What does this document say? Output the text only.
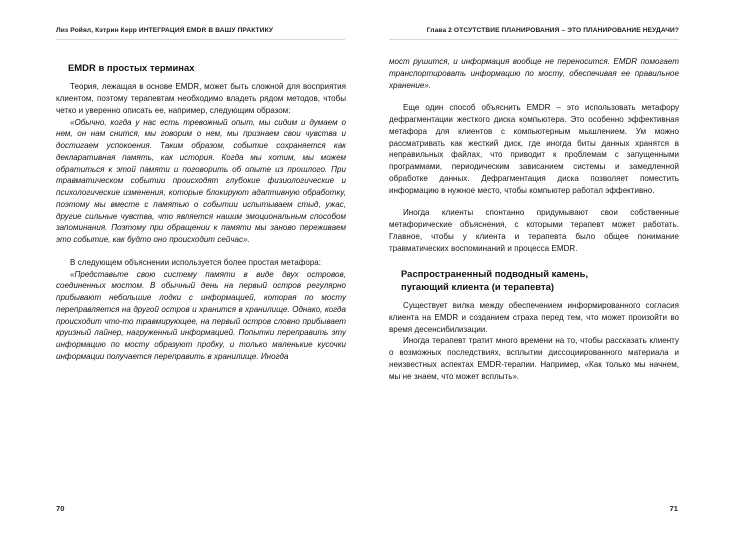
Лиз Ройял, Кэтрин Керр ИНТЕГРАЦИЯ EMDR В ВАШУ ПРАКТИКУ
EMDR в простых терминах

Теория, лежащая в основе EMDR, может быть сложной для восприятия клиентом, поэтому терапевтам необходимо владеть рядом методов, чтобы четко и уверенно описать ее, например, следующим образом:

«Обычно, когда у нас есть тревожный опыт, мы сидим и думаем о нем, он нам снится, мы говорим о нем, мы признаем свои чувства и достигаем успокоения. Таким образом, событие сохраняется как декларативная память, как история. Когда мы хотим, мы можем обратиться к этой памяти и поговорить об опыте из прошлого. При травматическом событии происходят глубокие физиологические и психологические изменения, которые блокируют адаптивную обработку, поэтому мы вместе с памятью о событии испытываем стыд, ужас, другие сильные чувства, что является нашим эмоциональным способом запоминания. Поэтому при обращении к памяти мы заново переживаем это событие, как будто оно происходит сейчас».

В следующем объяснении используется более простая метафора:

«Представьте свою систему памяти в виде двух островов, соединенных мостом. В обычный день на первый остров регулярно прибывают небольшие лодки с информацией, которая по мосту переправляется на другой остров и хранится в хранилище. Однако, когда происходит что-то травмирующее, на первый остров словно прибывает круизный лайнер, нагруженный информацией. Попытки переправить эту информацию по мосту образуют пробку, и только маленькие кусочки информации получается переправить в хранилище. Иногда

70
Глава 2 ОТСУТСТВИЕ ПЛАНИРОВАНИЯ – ЭТО ПЛАНИРОВАНИЕ НЕУДАЧИ?

мост рушится, и информация вообще не переносится. EMDR помогает транспортировать информацию по мосту, обеспечивая ее правильное хранение».

Еще один способ объяснить EMDR – это использовать метафору дефрагментации жесткого диска компьютера. Это особенно эффективная метафора для клиентов с компьютерным мышлением. Ум можно рассматривать как жесткий диск, где иногда биты данных хранятся в неправильных файлах, что приводит к проблемам с запущенными программами, периодическим зависанием системы и замедленной обработке данных. Дефрагментация диска позволяет поместить информацию в нужное место, чтобы компьютер работал эффективно.

Иногда клиенты спонтанно придумывают свои собственные метафорические объяснения, с которыми терапевт может работать. Главное, чтобы у клиента и терапевта было общее понимание травматических воспоминаний и процесса EMDR.

Распространенный подводный камень,
пугающий клиента (и терапевта)

Существует вилка между обеспечением информированного согласия клиента на EMDR и созданием страха перед тем, что может произойти во время десенсибилизации.

Иногда терапевт тратит много времени на то, чтобы рассказать клиенту о возможных последствиях, всплытии диссоциированного материала и неизвестных аспектах EMDR-терапии. Например, «Как только мы начнем, мы не знаем, что может всплыть».

71
